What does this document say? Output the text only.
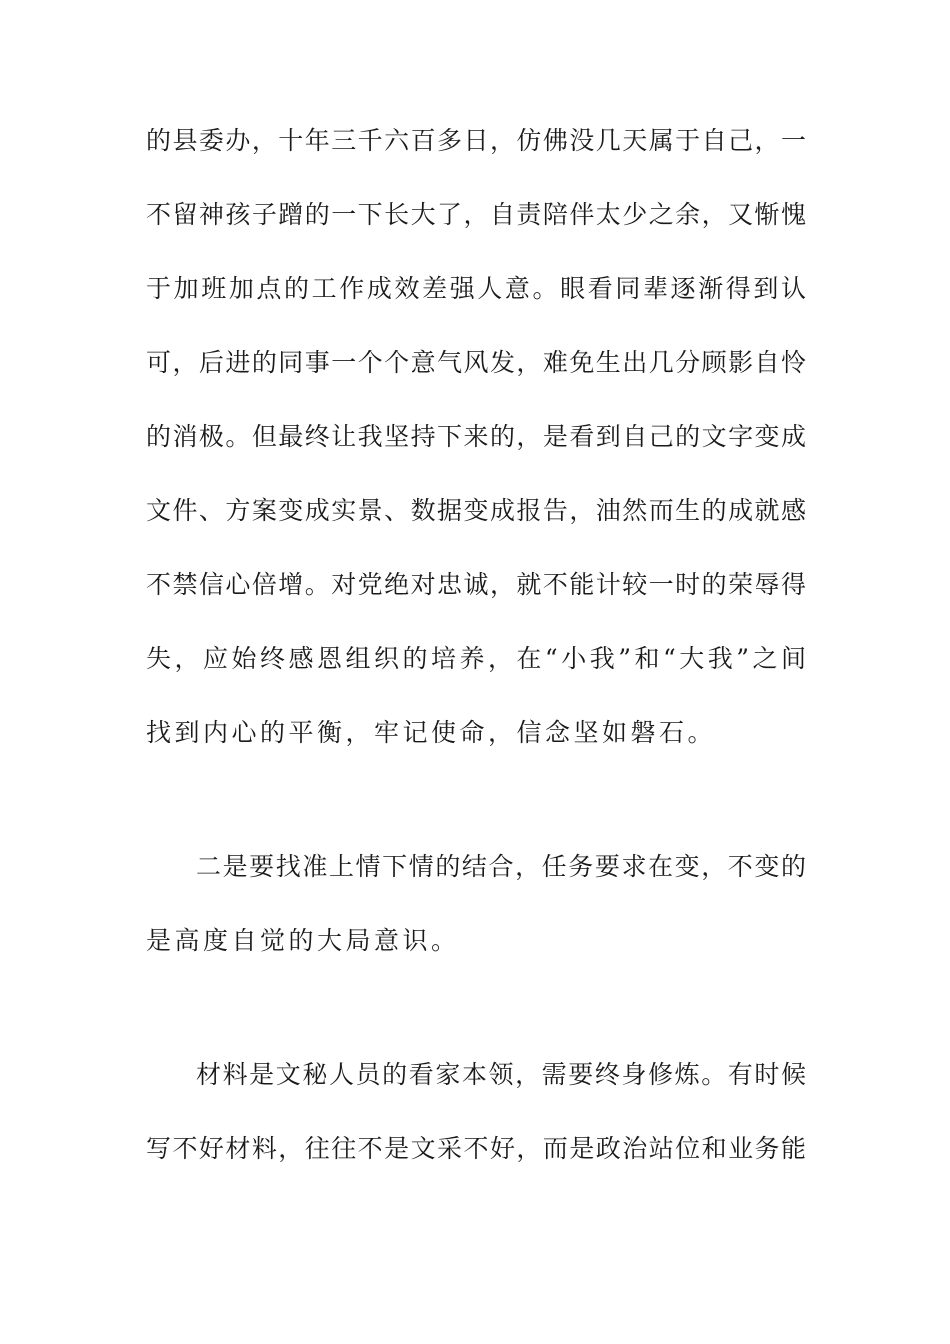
的县委办，十年三千六百多日，仿佛没几天属于自己，一
不留神孩子蹭的一下长大了，自责陪伴太少之余，又惭愧
于加班加点的工作成效差强人意。眼看同辈逐渐得到认
可，后进的同事一个个意气风发，难免生出几分顾影自怜
的消极。但最终让我坚持下来的，是看到自己的文字变成
文件、方案变成实景、数据变成报告，油然而生的成就感
不禁信心倍增。对党绝对忠诚，就不能计较一时的荣辱得
失，应始终感恩组织的培养，在“小我”和“大我”之间
找到内心的平衡，牢记使命，信念坚如磐石。
二是要找准上情下情的结合，任务要求在变，不变的
是高度自觉的大局意识。
材料是文秘人员的看家本领，需要终身修炼。有时候
写不好材料，往往不是文采不好，而是政治站位和业务能
